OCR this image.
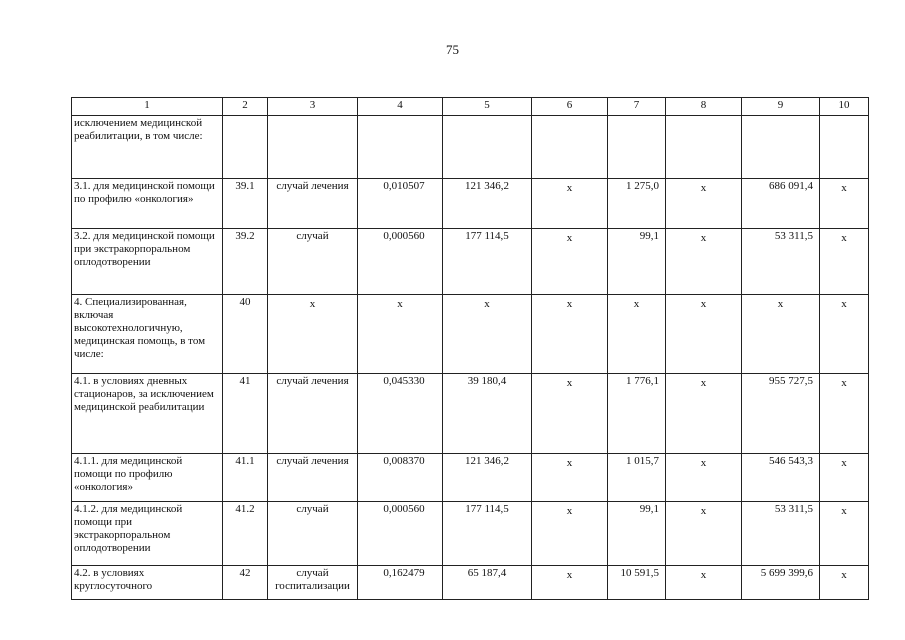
75
1	2	3	4	5	6	7	8	9	10
исключением медицинской реабилитации, в том числе:									
3.1. для медицинской помощи по профилю «онкология»	39.1	случай лечения	0,010507	121 346,2	x	1 275,0	x	686 091,4	x
3.2. для медицинской помощи при экстракорпоральном оплодотворении	39.2	случай	0,000560	177 114,5	x	99,1	x	53 311,5	x
4. Специализированная, включая высокотехнологичную, медицинская помощь, в том числе:	40	x	x	x	x	x	x	x	x
4.1. в условиях дневных стационаров, за исключением медицинской реабилитации	41	случай лечения	0,045330	39 180,4	x	1 776,1	x	955 727,5	x
4.1.1. для медицинской помощи по профилю «онкология»	41.1	случай лечения	0,008370	121 346,2	x	1 015,7	x	546 543,3	x
4.1.2. для медицинской помощи при экстракорпоральном оплодотворении	41.2	случай	0,000560	177 114,5	x	99,1	x	53 311,5	x
4.2. в условиях круглосуточного	42	случай госпитализации	0,162479	65 187,4	x	10 591,5	x	5 699 399,6	x
